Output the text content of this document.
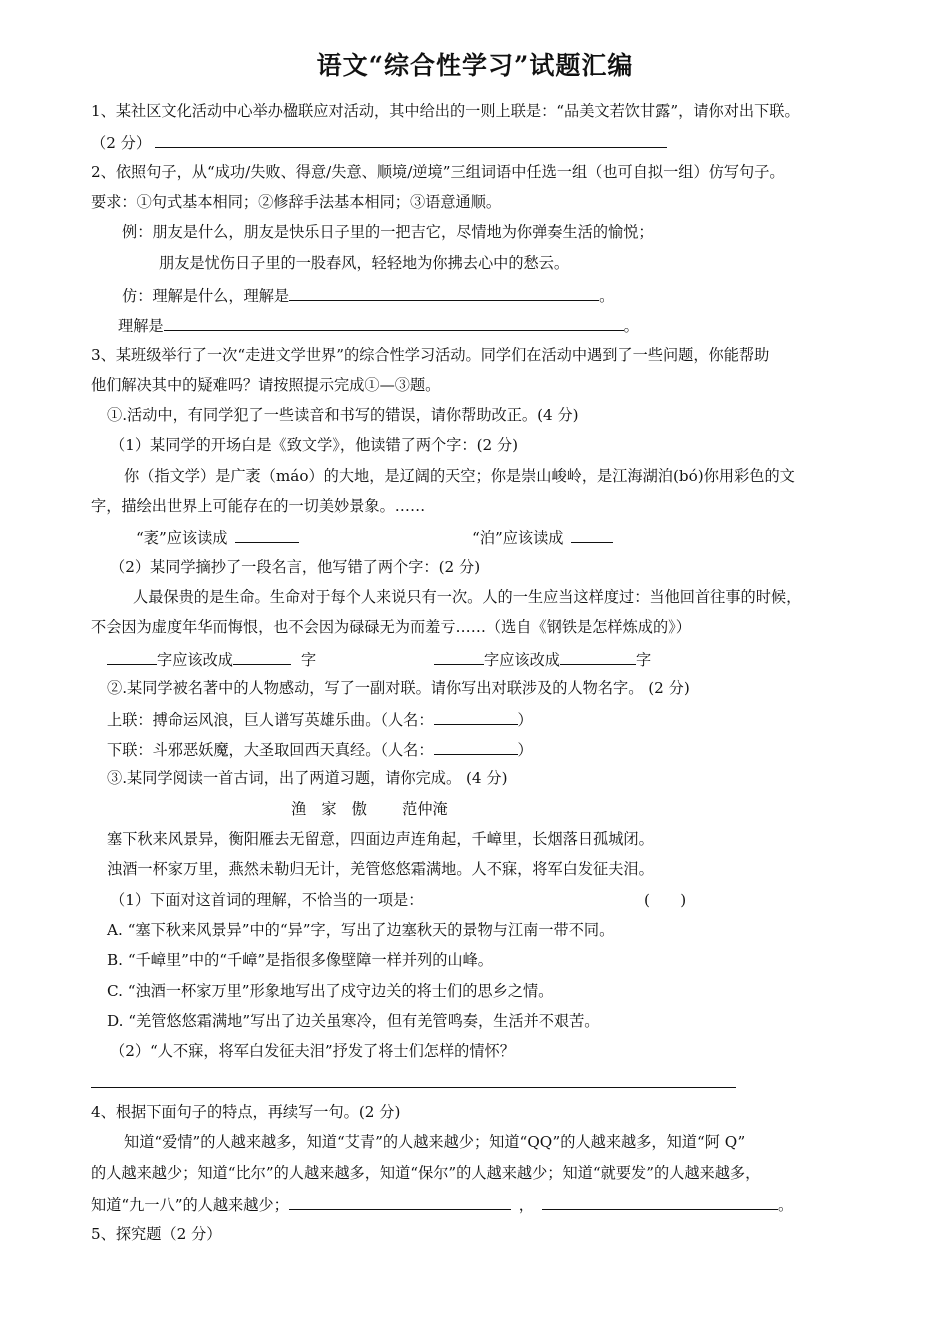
语文“综合性学习”试题汇编
1、某社区文化活动中心举办楹联应对活动，其中给出的一则上联是：“品美文若饮甘露”，请你对出下联。
（2 分）
2、依照句子，从“成功/失败、得意/失意、顺境/逆境”三组词语中任选一组（也可自拟一组）仿写句子。
要求：①句式基本相同；②修辞手法基本相同；③语意通顺。
例：朋友是什么，朋友是快乐日子里的一把吉它，尽情地为你弹奏生活的愉悦；
朋友是忧伤日子里的一股春风，轻轻地为你拂去心中的愁云。
仿：理解是什么，理解是	。
理解是	。
3、某班级举行了一次“走进文学世界”的综合性学习活动。同学们在活动中遇到了一些问题，你能帮助
他们解决其中的疑难吗？请按照提示完成①—③题。
①.活动中，有同学犯了一些读音和书写的错误，请你帮助改正。(4 分)
（1）某同学的开场白是《致文学》，他读错了两个字：(2 分)
你（指文学）是广袤（máo）的大地，是辽阔的天空；你是崇山峻岭，是江海湖泊(bó)你用彩色的文
字，描绘出世界上可能存在的一切美妙景象。……
“袤”应该读成	“泊”应该读成
（2）某同学摘抄了一段名言，他写错了两个字：(2 分)
人最保贵的是生命。生命对于每个人来说只有一次。人的一生应当这样度过：当他回首往事的时候，
不会因为虚度年华而悔恨，也不会因为碌碌无为而羞亏……（选自《钢铁是怎样炼成的》）
字应该改成	字	字应该改成	字
②.某同学被名著中的人物感动，写了一副对联。请你写出对联涉及的人物名字。 (2 分)
上联：搏命运风浪，巨人谱写英雄乐曲。（人名：	）
下联：斗邪恶妖魔，大圣取回西天真经。（人名：	）
③.某同学阅读一首古词，出了两道习题，请你完成。 (4 分)
渔　家　傲　　 范仲淹
塞下秋来风景异，衡阳雁去无留意，四面边声连角起，千嶂里，长烟落日孤城闭。
浊酒一杯家万里，燕然未勒归无计，羌管悠悠霜满地。人不寐，将军白发征夫泪。
（1）下面对这首词的理解，不恰当的一项是：	(　　)
A. “塞下秋来风景异”中的“异”字，写出了边塞秋天的景物与江南一带不同。
B. “千嶂里”中的“千嶂”是指很多像壁障一样并列的山峰。
C. “浊酒一杯家万里”形象地写出了戍守边关的将士们的思乡之情。
D. “羌管悠悠霜满地”写出了边关虽寒冷，但有羌管鸣奏，生活并不艰苦。
（2）“人不寐，将军白发征夫泪”抒发了将士们怎样的情怀？
4、根据下面句子的特点，再续写一句。(2 分)
知道“爱情”的人越来越多，知道“艾青”的人越来越少；知道“QQ”的人越来越多，知道“阿 Q”
的人越来越少；知道“比尔”的人越来越多，知道“保尔”的人越来越少；知道“就要发”的人越来越多，
知道“九一八”的人越来越少；	，	。
5、探究题（2 分）
